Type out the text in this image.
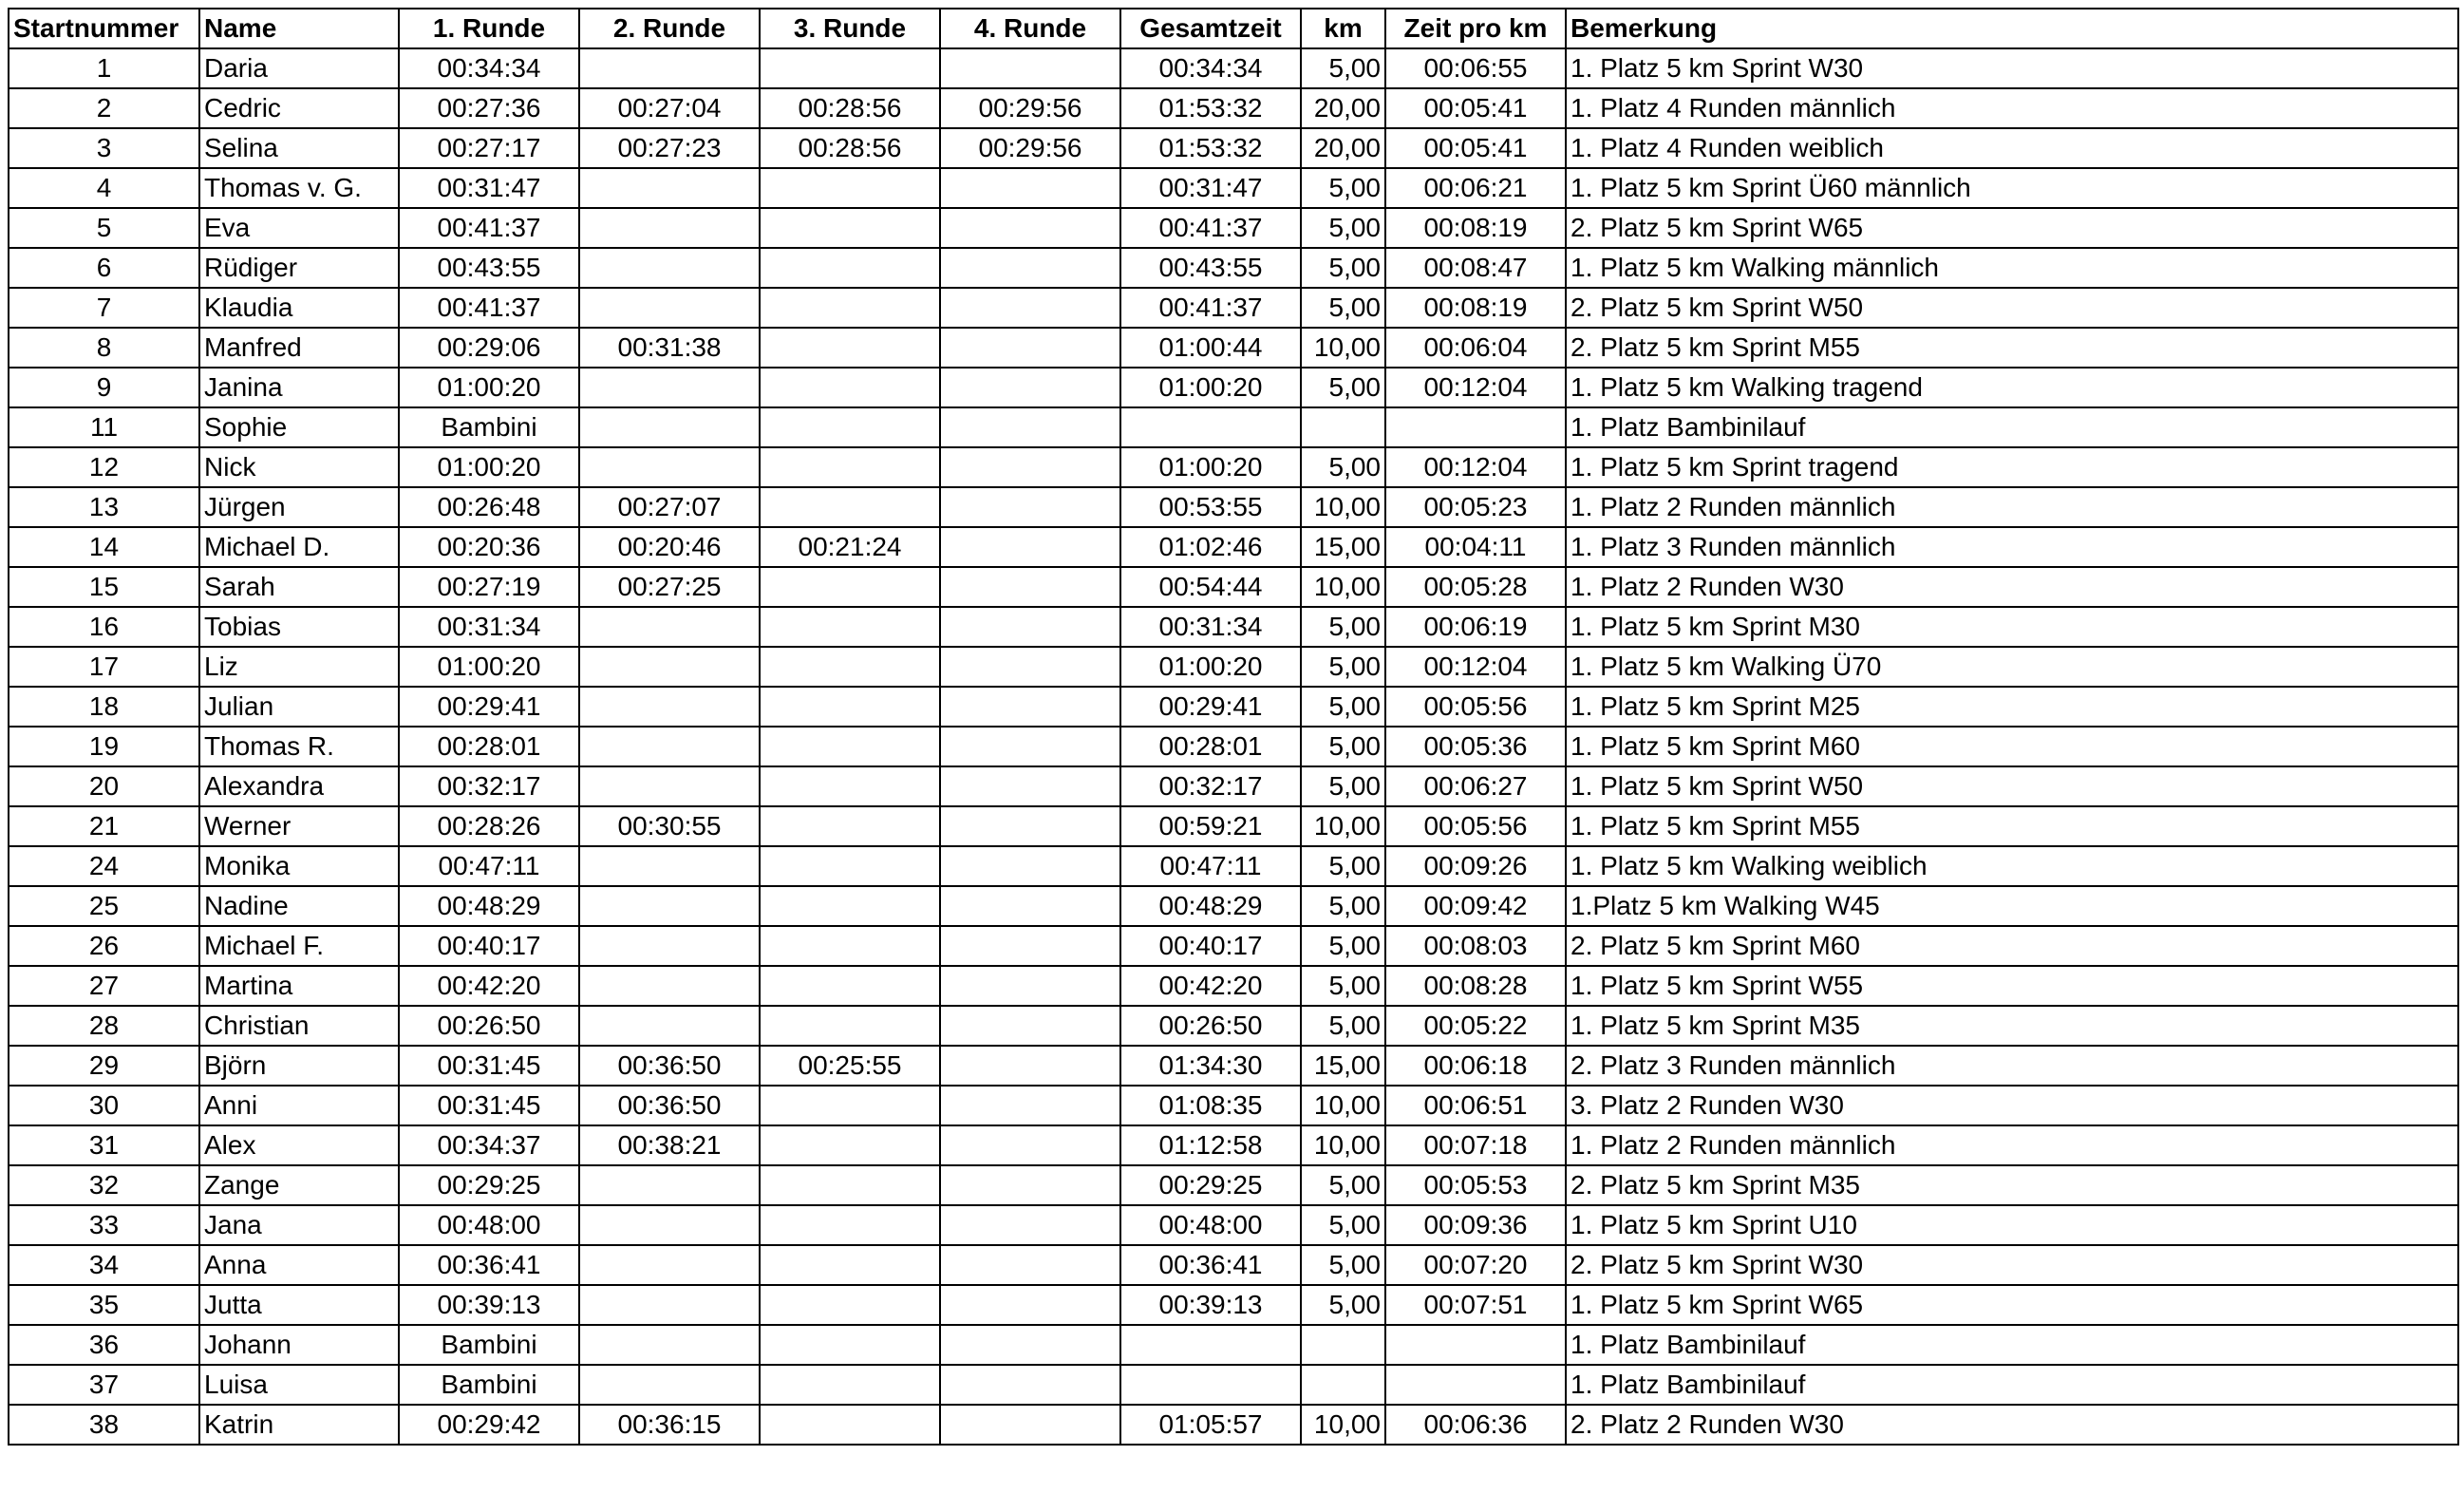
Startnummer	Name	1. Runde	2. Runde	3. Runde	4. Runde	Gesamtzeit	km	Zeit pro km	Bemerkung
1	Daria	00:34:34				00:34:34	5,00	00:06:55	1. Platz 5 km Sprint W30
2	Cedric	00:27:36	00:27:04	00:28:56	00:29:56	01:53:32	20,00	00:05:41	1. Platz 4 Runden männlich
3	Selina	00:27:17	00:27:23	00:28:56	00:29:56	01:53:32	20,00	00:05:41	1. Platz 4 Runden weiblich
4	Thomas v. G.	00:31:47				00:31:47	5,00	00:06:21	1. Platz 5 km Sprint Ü60 männlich
5	Eva	00:41:37				00:41:37	5,00	00:08:19	2. Platz 5 km Sprint W65
6	Rüdiger	00:43:55				00:43:55	5,00	00:08:47	1. Platz 5 km Walking männlich
7	Klaudia	00:41:37				00:41:37	5,00	00:08:19	2. Platz 5 km Sprint W50
8	Manfred	00:29:06	00:31:38			01:00:44	10,00	00:06:04	2. Platz 5 km Sprint M55
9	Janina	01:00:20				01:00:20	5,00	00:12:04	1. Platz 5 km Walking tragend
11	Sophie	Bambini							1. Platz Bambinilauf
12	Nick	01:00:20				01:00:20	5,00	00:12:04	1. Platz 5 km Sprint tragend
13	Jürgen	00:26:48	00:27:07			00:53:55	10,00	00:05:23	1. Platz 2 Runden männlich
14	Michael D.	00:20:36	00:20:46	00:21:24		01:02:46	15,00	00:04:11	1. Platz 3 Runden männlich
15	Sarah	00:27:19	00:27:25			00:54:44	10,00	00:05:28	1. Platz 2 Runden W30
16	Tobias	00:31:34				00:31:34	5,00	00:06:19	1. Platz 5 km Sprint M30
17	Liz	01:00:20				01:00:20	5,00	00:12:04	1. Platz 5 km Walking Ü70
18	Julian	00:29:41				00:29:41	5,00	00:05:56	1. Platz 5 km Sprint M25
19	Thomas R.	00:28:01				00:28:01	5,00	00:05:36	1. Platz 5 km Sprint M60
20	Alexandra	00:32:17				00:32:17	5,00	00:06:27	1. Platz 5 km Sprint W50
21	Werner	00:28:26	00:30:55			00:59:21	10,00	00:05:56	1. Platz 5 km Sprint M55
24	Monika	00:47:11				00:47:11	5,00	00:09:26	1. Platz 5 km Walking weiblich
25	Nadine	00:48:29				00:48:29	5,00	00:09:42	1.Platz 5 km Walking W45
26	Michael F.	00:40:17				00:40:17	5,00	00:08:03	2. Platz 5 km Sprint M60
27	Martina	00:42:20				00:42:20	5,00	00:08:28	1. Platz 5 km Sprint W55
28	Christian	00:26:50				00:26:50	5,00	00:05:22	1. Platz 5 km Sprint M35
29	Björn	00:31:45	00:36:50	00:25:55		01:34:30	15,00	00:06:18	2. Platz 3 Runden männlich
30	Anni	00:31:45	00:36:50			01:08:35	10,00	00:06:51	3. Platz 2 Runden W30
31	Alex	00:34:37	00:38:21			01:12:58	10,00	00:07:18	1. Platz 2 Runden männlich
32	Zange	00:29:25				00:29:25	5,00	00:05:53	2. Platz 5 km Sprint M35
33	Jana	00:48:00				00:48:00	5,00	00:09:36	1. Platz 5 km Sprint U10
34	Anna	00:36:41				00:36:41	5,00	00:07:20	2. Platz 5 km Sprint W30
35	Jutta	00:39:13				00:39:13	5,00	00:07:51	1. Platz 5 km Sprint W65
36	Johann	Bambini							1. Platz Bambinilauf
37	Luisa	Bambini							1. Platz Bambinilauf
38	Katrin	00:29:42	00:36:15			01:05:57	10,00	00:06:36	2. Platz 2 Runden W30
